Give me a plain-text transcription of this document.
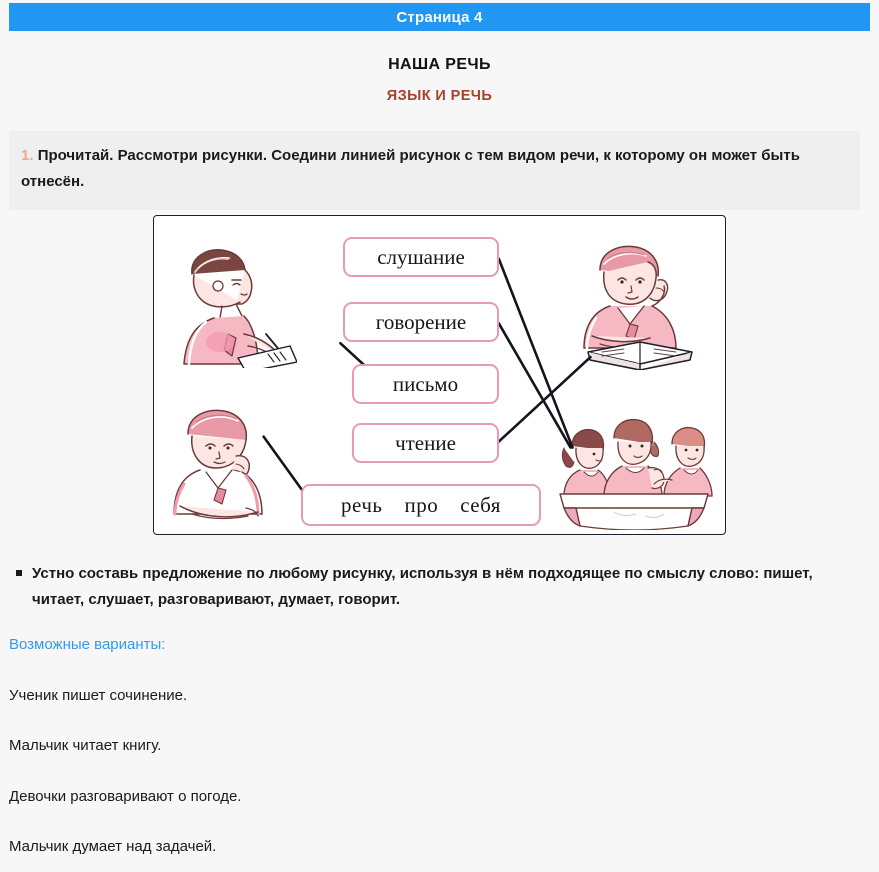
Страница 4
НАША РЕЧЬ
ЯЗЫК И РЕЧЬ
1. Прочитай. Рассмотри рисунки. Соедини линией рисунок с тем видом речи, к которому он может быть отнесён.
слушание
говорение
письмо
чтение
речь про себя
Устно составь предложение по любому рисунку, используя в нём подходящее по смыслу слово: пишет, читает, слушает, разговаривают, думает, говорит.
Возможные варианты:
Ученик пишет сочинение.
Мальчик читает книгу.
Девочки разговаривают о погоде.
Мальчик думает над задачей.
